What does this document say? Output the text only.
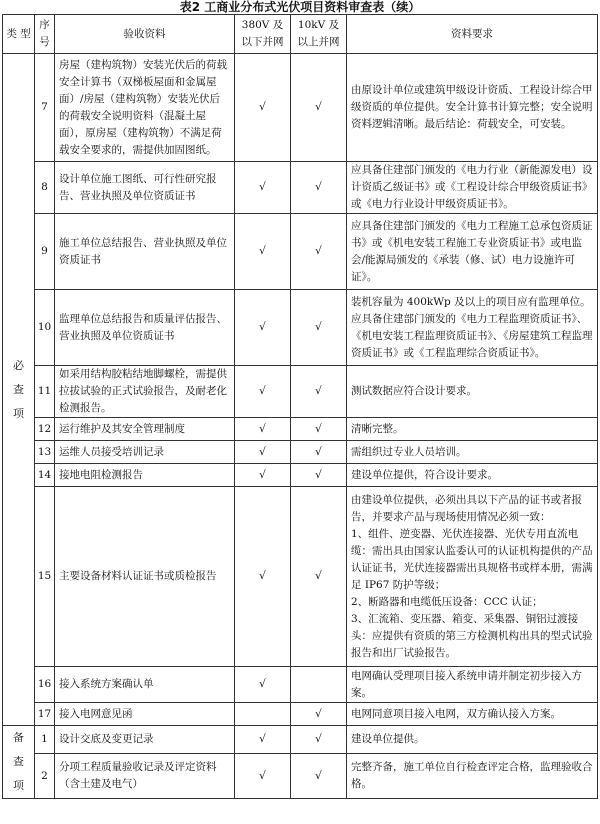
表2 工商业分布式光伏项目资料审查表（续）
类 型	序 号	验收资料	380V 及 以下并网	10kV 及 以上并网	资料要求
必 查 项	7	房屋（建构筑物）安装光伏后的荷载安全计算书（双梯板屋面和金属屋面）/房屋（建构筑物）安装光伏后的荷载安全说明资料（混凝土屋面），原房屋（建构筑物）不满足荷载安全要求的，需提供加固图纸。	√	√	由原设计单位或建筑甲级设计资质、工程设计综合甲级资质的单位提供。安全计算书计算完整；安全说明资料逻辑清晰。最后结论：荷载安全，可安装。
	8	设计单位施工图纸、可行性研究报告、营业执照及单位资质证书	√	√	应具备住建部门颁发的《电力行业（新能源发电）设计资质乙级证书》或《工程设计综合甲级资质证书》或《电力行业设计甲级资质证书》。
	9	施工单位总结报告、营业执照及单位资质证书	√	√	应具备住建部门颁发的《电力工程施工总承包资质证书》或《机电安装工程施工专业资质证书》或电监会/能源局颁发的《承装（修、试）电力设施许可证》。
	10	监理单位总结报告和质量评估报告、营业执照及单位资质证书	√	√	装机容量为 400kWp 及以上的项目应有监理单位。应具备住建部门颁发的《电力工程监理资质证书》、《机电安装工程监理资质证书》、《房屋建筑工程监理资质证书》或《工程监理综合资质证书》。
	11	如采用结构胶粘结地脚螺栓，需提供拉拔试验的正式试验报告，及耐老化检测报告。	√	√	测试数据应符合设计要求。
	12	运行维护及其安全管理制度	√	√	清晰完整。
	13	运维人员接受培训记录	√	√	需组织过专业人员培训。
	14	接地电阻检测报告	√	√	建设单位提供，符合设计要求。
	15	主要设备材料认证证书或质检报告	√	√	由建设单位提供，必须出具以下产品的证书或者报告，并要求产品与现场使用情况必须一致：
1、组件、逆变器、光伏连接器、光伏专用直流电缆：需出具由国家认监委认可的认证机构提供的产品认证证书，光伏连接器需出具规格书或样本册，需满足 IP67 防护等级；
2、断路器和电缆低压设备：CCC 认证；
3、汇流箱、变压器、箱变、采集器、铜铝过渡接头：应提供有资质的第三方检测机构出具的型式试验报告和出厂试验报告。
	16	接入系统方案确认单	√		电网确认受理项目接入系统申请并制定初步接入方案。
	17	接入电网意见函		√	电网同意项目接入电网，双方确认接入方案。
备 查 项	1	设计交底及变更记录	√	√	建设单位提供。
	2	分项工程质量验收记录及评定资料（含土建及电气）	√	√	完整齐备，施工单位自行检查评定合格，监理验收合格。
